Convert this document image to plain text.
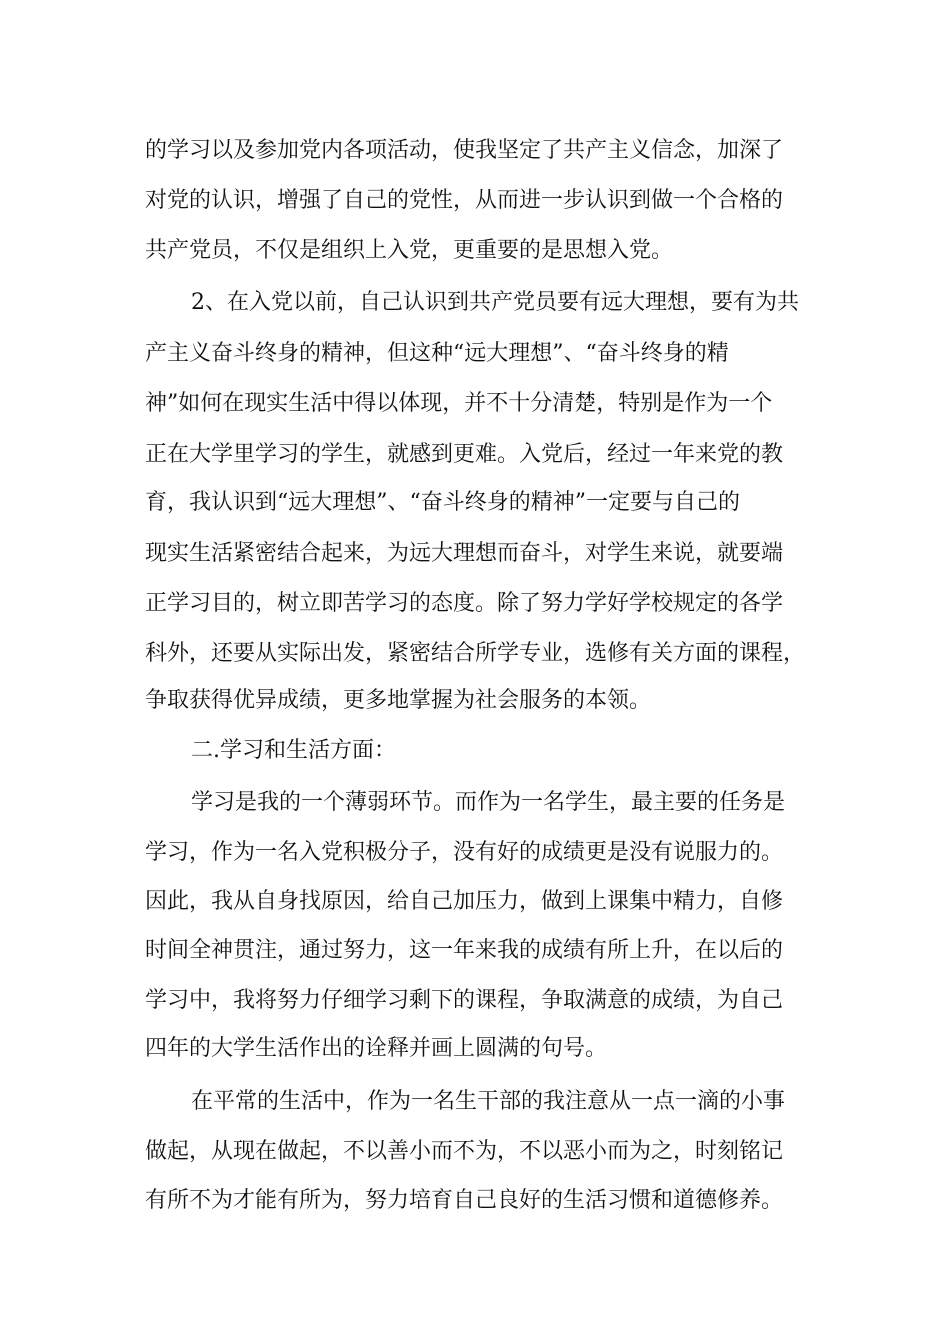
的学习以及参加党内各项活动，使我坚定了共产主义信念，加深了
对党的认识，增强了自己的党性，从而进一步认识到做一个合格的
共产党员，不仅是组织上入党，更重要的是思想入党。
2、在入党以前，自己认识到共产党员要有远大理想，要有为共
产主义奋斗终身的精神，但这种“远大理想”、“奋斗终身的精
神”如何在现实生活中得以体现，并不十分清楚，特别是作为一个
正在大学里学习的学生，就感到更难。入党后，经过一年来党的教
育，我认识到“远大理想”、“奋斗终身的精神”一定要与自己的
现实生活紧密结合起来，为远大理想而奋斗，对学生来说，就要端
正学习目的，树立即苦学习的态度。除了努力学好学校规定的各学
科外，还要从实际出发，紧密结合所学专业，选修有关方面的课程，
争取获得优异成绩，更多地掌握为社会服务的本领。
二.学习和生活方面：
学习是我的一个薄弱环节。而作为一名学生，最主要的任务是
学习，作为一名入党积极分子，没有好的成绩更是没有说服力的。
因此，我从自身找原因，给自己加压力，做到上课集中精力，自修
时间全神贯注，通过努力，这一年来我的成绩有所上升，在以后的
学习中，我将努力仔细学习剩下的课程，争取满意的成绩，为自己
四年的大学生活作出的诠释并画上圆满的句号。
在平常的生活中，作为一名生干部的我注意从一点一滴的小事
做起，从现在做起，不以善小而不为，不以恶小而为之，时刻铭记
有所不为才能有所为，努力培育自己良好的生活习惯和道德修养。
